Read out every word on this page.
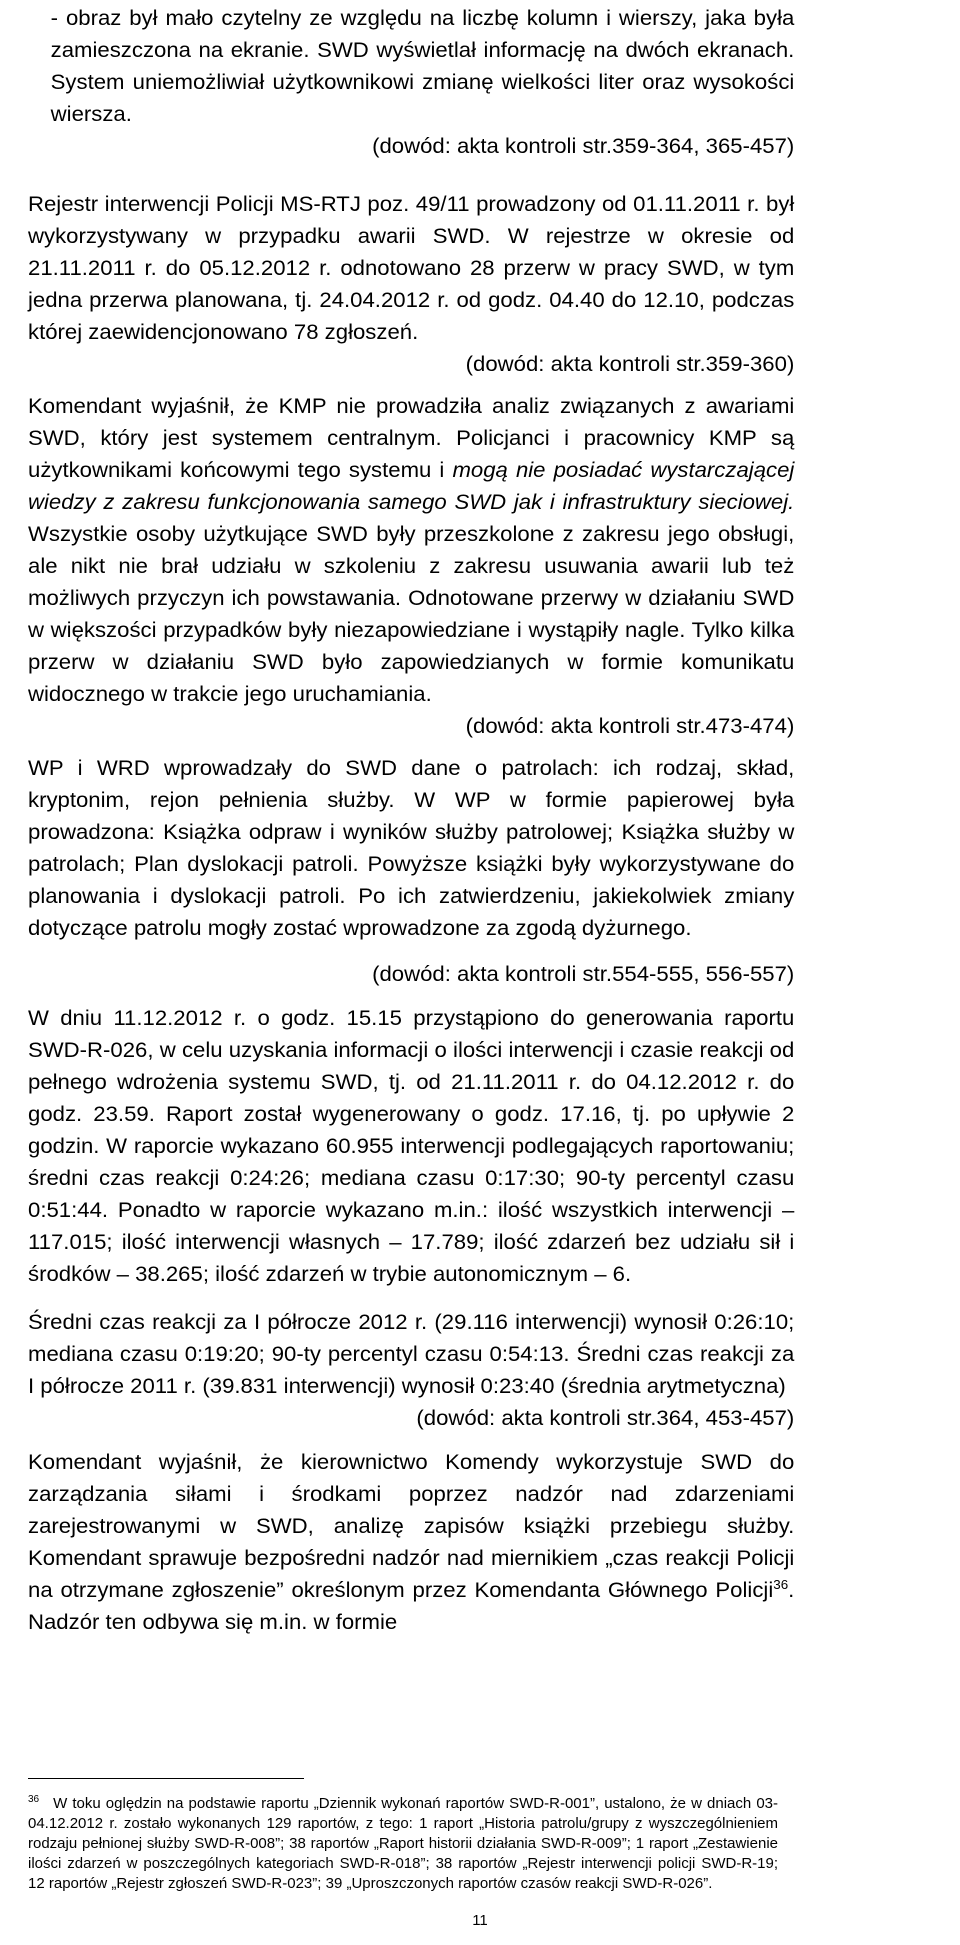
- obraz był mało czytelny ze względu na liczbę kolumn i wierszy, jaka była zamieszczona na ekranie. SWD wyświetlał informację na dwóch ekranach. System uniemożliwiał użytkownikowi zmianę wielkości liter oraz wysokości wiersza.

(dowód: akta kontroli str.359-364, 365-457)

Rejestr interwencji Policji MS-RTJ poz. 49/11 prowadzony od 01.11.2011 r. był wykorzystywany w przypadku awarii SWD. W rejestrze w okresie od 21.11.2011 r. do 05.12.2012 r. odnotowano 28 przerw w pracy SWD, w tym jedna przerwa planowana, tj. 24.04.2012 r. od godz. 04.40 do 12.10, podczas której zaewidencjonowano 78 zgłoszeń.

(dowód: akta kontroli str.359-360)

Komendant wyjaśnił, że KMP nie prowadziła analiz związanych z awariami SWD, który jest systemem centralnym. Policjanci i pracownicy KMP są użytkownikami końcowymi tego systemu i mogą nie posiadać wystarczającej wiedzy z zakresu funkcjonowania samego SWD jak i infrastruktury sieciowej. Wszystkie osoby użytkujące SWD były przeszkolone z zakresu jego obsługi, ale nikt nie brał udziału w szkoleniu z zakresu usuwania awarii lub też możliwych przyczyn ich powstawania. Odnotowane przerwy w działaniu SWD w większości przypadków były niezapowiedziane i wystąpiły nagle. Tylko kilka przerw w działaniu SWD było zapowiedzianych w formie komunikatu widocznego w trakcie jego uruchamiania.

(dowód: akta kontroli str.473-474)

WP i WRD wprowadzały do SWD dane o patrolach: ich rodzaj, skład, kryptonim, rejon pełnienia służby. W WP w formie papierowej była prowadzona: Książka odpraw i wyników służby patrolowej; Książka służby w patrolach; Plan dyslokacji patroli. Powyższe książki były wykorzystywane do planowania i dyslokacji patroli. Po ich zatwierdzeniu, jakiekolwiek zmiany dotyczące patrolu mogły zostać wprowadzone za zgodą dyżurnego.

(dowód: akta kontroli str.554-555, 556-557)

W dniu 11.12.2012 r. o godz. 15.15 przystąpiono do generowania raportu SWD-R-026, w celu uzyskania informacji o ilości interwencji i czasie reakcji od pełnego wdrożenia systemu SWD, tj. od 21.11.2011 r. do 04.12.2012 r. do godz. 23.59. Raport został wygenerowany o godz. 17.16, tj. po upływie 2 godzin. W raporcie wykazano 60.955 interwencji podlegających raportowaniu; średni czas reakcji 0:24:26; mediana czasu 0:17:30; 90-ty percentyl czasu 0:51:44. Ponadto w raporcie wykazano m.in.: ilość wszystkich interwencji – 117.015; ilość interwencji własnych – 17.789; ilość zdarzeń bez udziału sił i środków – 38.265; ilość zdarzeń w trybie autonomicznym – 6.

Średni czas reakcji za I półrocze 2012 r. (29.116 interwencji) wynosił 0:26:10; mediana czasu 0:19:20; 90-ty percentyl czasu 0:54:13. Średni czas reakcji za I półrocze 2011 r. (39.831 interwencji) wynosił 0:23:40 (średnia arytmetyczna)

(dowód: akta kontroli str.364, 453-457)

Komendant wyjaśnił, że kierownictwo Komendy wykorzystuje SWD do zarządzania siłami i środkami poprzez nadzór nad zdarzeniami zarejestrowanymi w SWD, analizę zapisów książki przebiegu służby. Komendant sprawuje bezpośredni nadzór nad miernikiem „czas reakcji Policji na otrzymane zgłoszenie” określonym przez Komendanta Głównego Policji$^{36}$. Nadzór ten odbywa się m.in. w formie

$^{36}$ W toku oględzin na podstawie raportu „Dziennik wykonań raportów SWD-R-001”, ustalono, że w dniach 03-04.12.2012 r. zostało wykonanych 129 raportów, z tego: 1 raport „Historia patrolu/grupy z wyszczególnieniem rodzaju pełnionej służby SWD-R-008”; 38 raportów „Raport historii działania SWD-R-009”; 1 raport „Zestawienie ilości zdarzeń w poszczególnych kategoriach SWD-R-018”; 38 raportów „Rejestr interwencji policji SWD-R-19; 12 raportów „Rejestr zgłoszeń SWD-R-023”; 39 „Uproszczonych raportów czasów reakcji SWD-R-026”.
11
